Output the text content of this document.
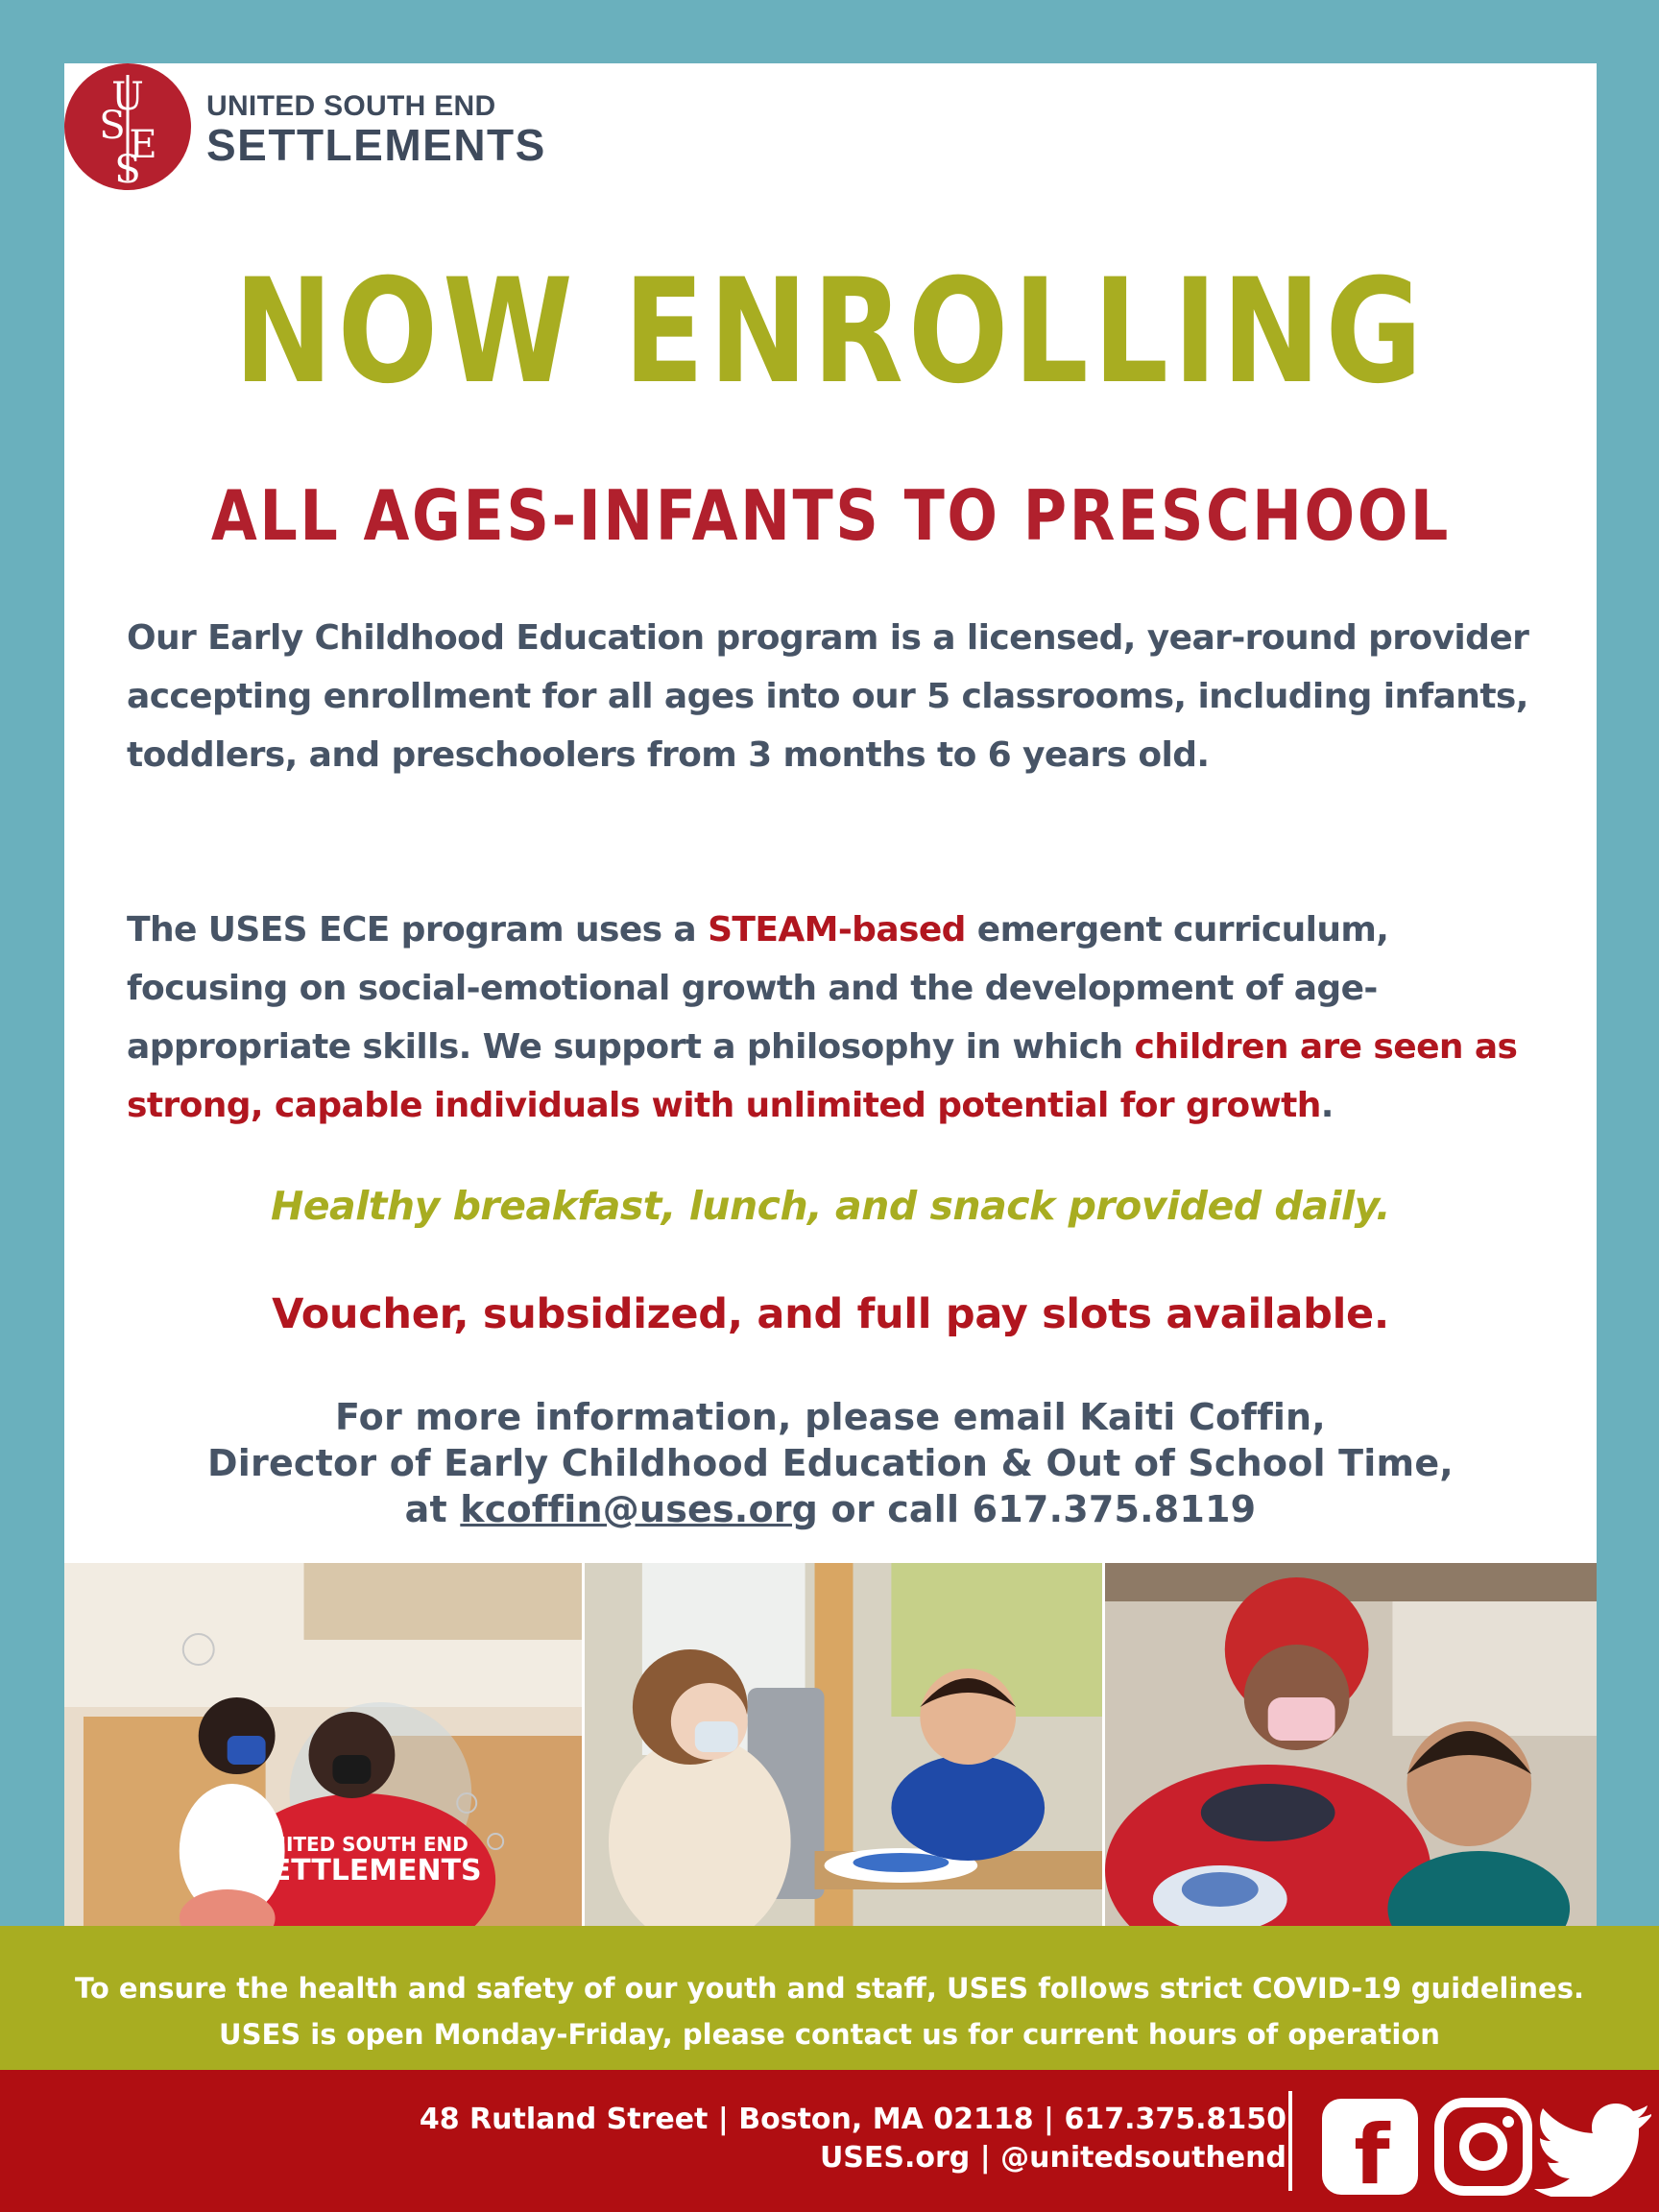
U
S E
S
UNITED SOUTH END
SETTLEMENTS
NOW ENROLLING
ALL AGES-INFANTS TO PRESCHOOL
Our Early Childhood Education program is a licensed, year-round provider accepting enrollment for all ages into our 5 classrooms, including infants, toddlers, and preschoolers from 3 months to 6 years old.
The USES ECE program uses a STEAM-based emergent curriculum, focusing on social-emotional growth and the development of age-appropriate skills. We support a philosophy in which children are seen as strong, capable individuals with unlimited potential for growth.
Healthy breakfast, lunch, and snack provided daily.
Voucher, subsidized, and full pay slots available.
For more information, please email Kaiti Coffin,
Director of Early Childhood Education & Out of School Time,
at kcoffin@uses.org or call 617.375.8119
UNITED SOUTH END
SETTLEMENTS
To ensure the health and safety of our youth and staff, USES follows strict COVID-19 guidelines.
USES is open Monday-Friday, please contact us for current hours of operation
48 Rutland Street | Boston, MA 02118 | 617.375.8150
USES.org | @unitedsouthend f
